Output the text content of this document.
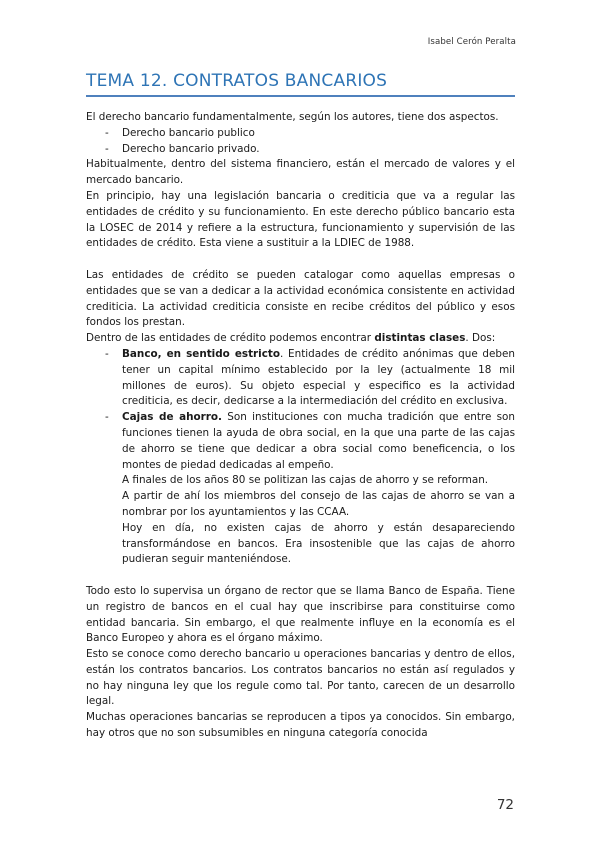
Isabel Cerón Peralta
TEMA 12. CONTRATOS BANCARIOS

El derecho bancario fundamentalmente, según los autores, tiene dos aspectos.

- Derecho bancario publico
- Derecho bancario privado.

Habitualmente, dentro del sistema financiero, están el mercado de valores y el mercado bancario.

En principio, hay una legislación bancaria o crediticia que va a regular las entidades de crédito y su funcionamiento. En este derecho público bancario esta la LOSEC de 2014 y refiere a la estructura, funcionamiento y supervisión de las entidades de crédito. Esta viene a sustituir a la LDIEC de 1988.

Las entidades de crédito se pueden catalogar como aquellas empresas o entidades que se van a dedicar a la actividad económica consistente en actividad crediticia. La actividad crediticia consiste en recibe créditos del público y esos fondos los prestan.

Dentro de las entidades de crédito podemos encontrar distintas clases. Dos:

- Banco, en sentido estricto. Entidades de crédito anónimas que deben tener un capital mínimo establecido por la ley (actualmente 18 mil millones de euros). Su objeto especial y especifico es la actividad crediticia, es decir, dedicarse a la intermediación del crédito en exclusiva.
- Cajas de ahorro. Son instituciones con mucha tradición que entre son funciones tienen la ayuda de obra social, en la que una parte de las cajas de ahorro se tiene que dedicar a obra social como beneficencia, o los montes de piedad dedicadas al empeño.

A finales de los años 80 se politizan las cajas de ahorro y se reforman.

A partir de ahí los miembros del consejo de las cajas de ahorro se van a nombrar por los ayuntamientos y las CCAA.

Hoy en día, no existen cajas de ahorro y están desapareciendo transformándose en bancos. Era insostenible que las cajas de ahorro pudieran seguir manteniéndose.

Todo esto lo supervisa un órgano de rector que se llama Banco de España. Tiene un registro de bancos en el cual hay que inscribirse para constituirse como entidad bancaria. Sin embargo, el que realmente influye en la economía es el Banco Europeo y ahora es el órgano máximo.

Esto se conoce como derecho bancario u operaciones bancarias y dentro de ellos, están los contratos bancarios. Los contratos bancarios no están así regulados y no hay ninguna ley que los regule como tal. Por tanto, carecen de un desarrollo legal.

Muchas operaciones bancarias se reproducen a tipos ya conocidos. Sin embargo, hay otros que no son subsumibles en ninguna categoría conocida

72
